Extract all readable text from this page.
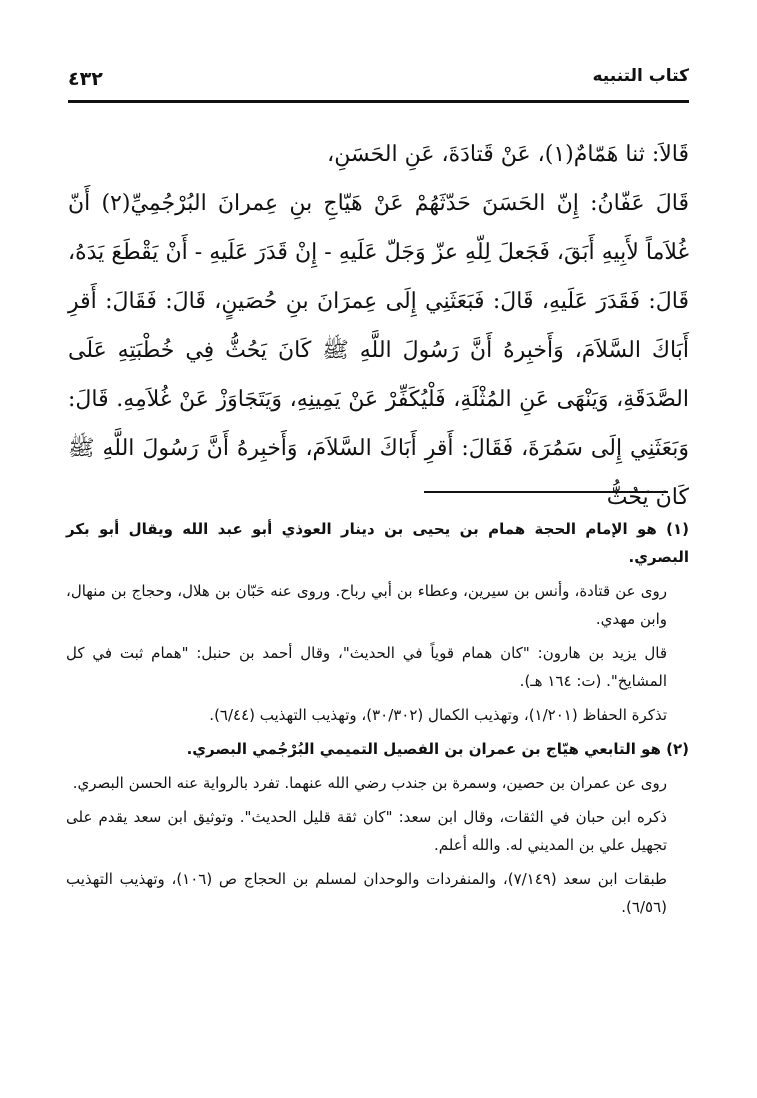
كتاب التنبيه
٤٣٢

قَالاَ: ثنا هَمّامٌ(١)، عَنْ قَتادَةَ، عَنِ الحَسَنِ،

قَالَ عَفّانُ: إِنّ الحَسَنَ حَدّثَهُمْ عَنْ هَيّاجِ بنِ عِمرانَ البُرْجُمِيِّ(٢) أَنّ غُلاَماً لأَبِيهِ أَبَقَ، فَجَعلَ لِلّهِ عزّ وَجَلّ عَلَيهِ - إِنْ قَدَرَ عَلَيهِ - أَنْ يَقْطَعَ يَدَهُ، قَالَ: فَقَدَرَ عَلَيهِ، قَالَ: فَبَعَثَنِي إِلَى عِمرَانَ بنِ حُصَينٍ، قَالَ: فَقَالَ: أَقرِ أَبَاكَ السَّلاَمَ، وَأَخبِرهُ أَنَّ رَسُولَ اللَّهِ ﷺ كَانَ يَحُثُّ فِي خُطْبَتِهِ عَلَى الصَّدَقَةِ، وَيَنْهَى عَنِ المُثْلَةِ، فَلْيُكَفِّرْ عَنْ يَمِينِهِ، وَيَتَجَاوَزْ عَنْ غُلاَمِهِ. قَالَ: وَبَعَثَنِي إِلَى سَمُرَةَ، فَقَالَ: أَقرِ أَبَاكَ السَّلاَمَ، وَأَخبِرهُ أَنَّ رَسُولَ اللَّهِ ﷺ كَانَ يَحُثُّ

(١) هو الإمام الحجة همام بن يحيى بن دينار العوذي أبو عبد الله ويقال أبو بكر البصري.

روى عن قتادة، وأنس بن سيرين، وعطاء بن أبي رباح. وروى عنه حَبّان بن هلال، وحجاج بن منهال، وابن مهدي.

قال يزيد بن هارون: "كان همام قوياً في الحديث"، وقال أحمد بن حنبل: "همام ثبت في كل المشايخ". (ت: ١٦٤ هـ).

تذكرة الحفاظ (١/٢٠١)، وتهذيب الكمال (٣٠/٣٠٢)، وتهذيب التهذيب (٦/٤٤).

(٢) هو التابعي هيّاج بن عمران بن الفصيل التميمي البُرْجُمي البصري.

روى عن عمران بن حصين، وسمرة بن جندب رضي الله عنهما. تفرد بالرواية عنه الحسن البصري.

ذكره ابن حبان في الثقات، وقال ابن سعد: "كان ثقة قليل الحديث". وتوثيق ابن سعد يقدم على تجهيل علي بن المديني له. والله أعلم.

طبقات ابن سعد (٧/١٤٩)، والمنفردات والوحدان لمسلم بن الحجاج ص (١٠٦)، وتهذيب التهذيب (٦/٥٦).
